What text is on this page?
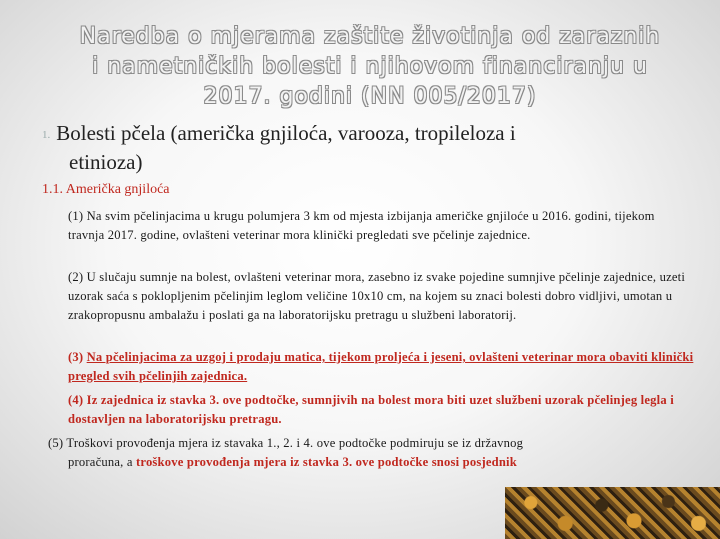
Naredba o mjerama zaštite životinja od zaraznih
i nametničkih bolesti i njihovom financiranju u
2017. godini (NN 005/2017)
1. Bolesti pčela (američka gnjiloća, varooza, tropileloza i
etinioza)
1.1. Američka gnjiloća
(1) Na svim pčelinjacima u krugu polumjera 3 km od mjesta izbijanja američke gnjiloće u 2016. godini, tijekom travnja 2017. godine, ovlašteni veterinar mora klinički pregledati sve pčelinje zajednice.
(2) U slučaju sumnje na bolest, ovlašteni veterinar mora, zasebno iz svake pojedine sumnjive pčelinje zajednice, uzeti uzorak saća s poklopljenim pčelinjim leglom veličine 10x10 cm, na kojem su znaci bolesti dobro vidljivi, umotan u zrakopropusnu ambalažu i poslati ga na laboratorijsku pretragu u službeni laboratorij.
(3) Na pčelinjacima za uzgoj i prodaju matica, tijekom proljeća i jeseni, ovlašteni veterinar mora obaviti klinički pregled svih pčelinjih zajednica.
(4) Iz zajednica iz stavka 3. ove podtočke, sumnjivih na bolest mora biti uzet službeni uzorak pčelinjeg legla i dostavljen na laboratorijsku pretragu.
(5) Troškovi provođenja mjera iz stavaka 1., 2. i 4. ove podtočke podmiruju se iz državnog
proračuna, a troškove provođenja mjera iz stavka 3. ove podtočke snosi posjednik
